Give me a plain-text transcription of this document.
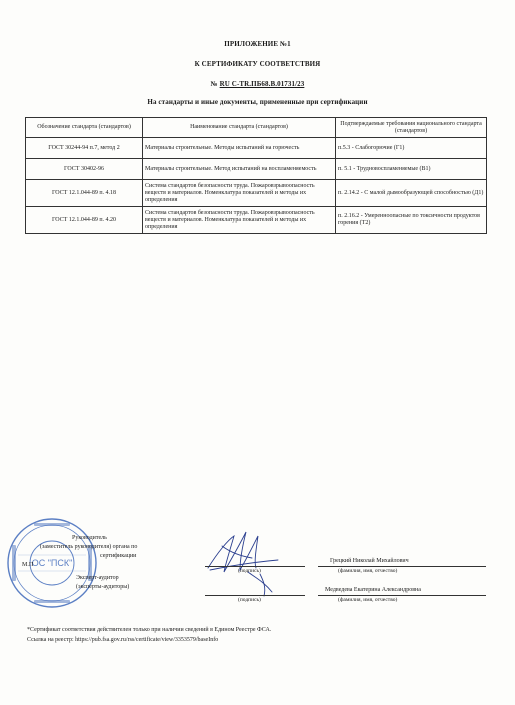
ПРИЛОЖЕНИЕ №1
К СЕРТИФИКАТУ СООТВЕТСТВИЯ
№ RU C-TR.ПБ68.В.01731/23
На стандарты и иные документы, примененные при сертификации
Обозначение стандарта (стандартов)	Наименование стандарта (стандартов)	Подтверждаемые требования национального стандарта (стандартов)
ГОСТ 30244-94 п.7, метод 2	Материалы строительные. Методы испытаний на горючесть	п.5.3 - Слабогорючие (Г1)
ГОСТ 30402-96	Материалы строительные. Метод испытаний на воспламеняемость	п. 5.1 - Трудновоспламеняемые (В1)
ГОСТ 12.1.044-89 п. 4.18	Система стандартов безопасности труда. Пожаровзрывоопасность веществ и материалов. Номенклатура показателей и методы их определения	п. 2.14.2 - С малой дымообразующей способностью (Д1)
ГОСТ 12.1.044-89 п. 4.20	Система стандартов безопасности труда. Пожаровзрывоопасность веществ и материалов. Номенклатура показателей и методы их определения	п. 2.16.2 - Умеренноопасные по токсичности продуктов горения (Т2)
ОС "ПСК"
Руководитель
(заместитель руководителя) органа по
сертификации
М.П
Эксперт-аудитор
(эксперты-аудиторы)
(подпись)
Грецкий Николай Михайлович
(фамилия, имя, отчество)
(подпись)
Медведева Екатерина Александровна
(фамилия, имя, отчество)
*Сертификат соответствия действителен только при наличии сведений в Едином Реестре ФСА.
Ссылка на реестр: https://pub.fsa.gov.ru/rss/certificate/view/3353579/baseInfo
